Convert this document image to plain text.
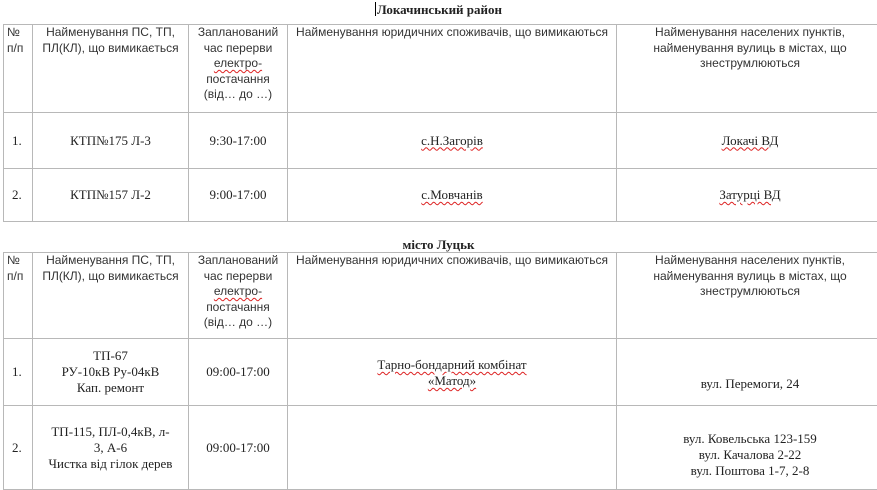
Локачинський район
№ п/п	Найменування ПС, ТП, ПЛ(КЛ), що вимикається	Запланований
час перерви
електро-
постачання
(від… до …)	Найменування юридичних споживачів, що вимикаються	Найменування населених пунктів, найменування вулиць в містах, що знеструмлюються
1.	КТП№175 Л-3	9:30-17:00	с.Н.Загорів	Локачі ВД
2.	КТП№157 Л-2	9:00-17:00	с.Мовчанів	Затурці ВД
місто Луцьк
№ п/п	Найменування ПС, ТП, ПЛ(КЛ), що вимикається	Запланований
час перерви
електро-
постачання
(від… до …)	Найменування юридичних споживачів, що вимикаються	Найменування населених пунктів, найменування вулиць в містах, що знеструмлюються
1.	ТП-67
РУ-10кВ Ру-04кВ
Кап. ремонт	09:00-17:00	Тарно-бондарний комбінат
«Матод»	вул. Перемоги, 24
2.	ТП-115, ПЛ-0,4кВ, л-
3, А-6
Чистка від гілок дерев	09:00-17:00		вул. Ковельська 123-159
вул. Качалова 2-22
вул. Поштова 1-7, 2-8
